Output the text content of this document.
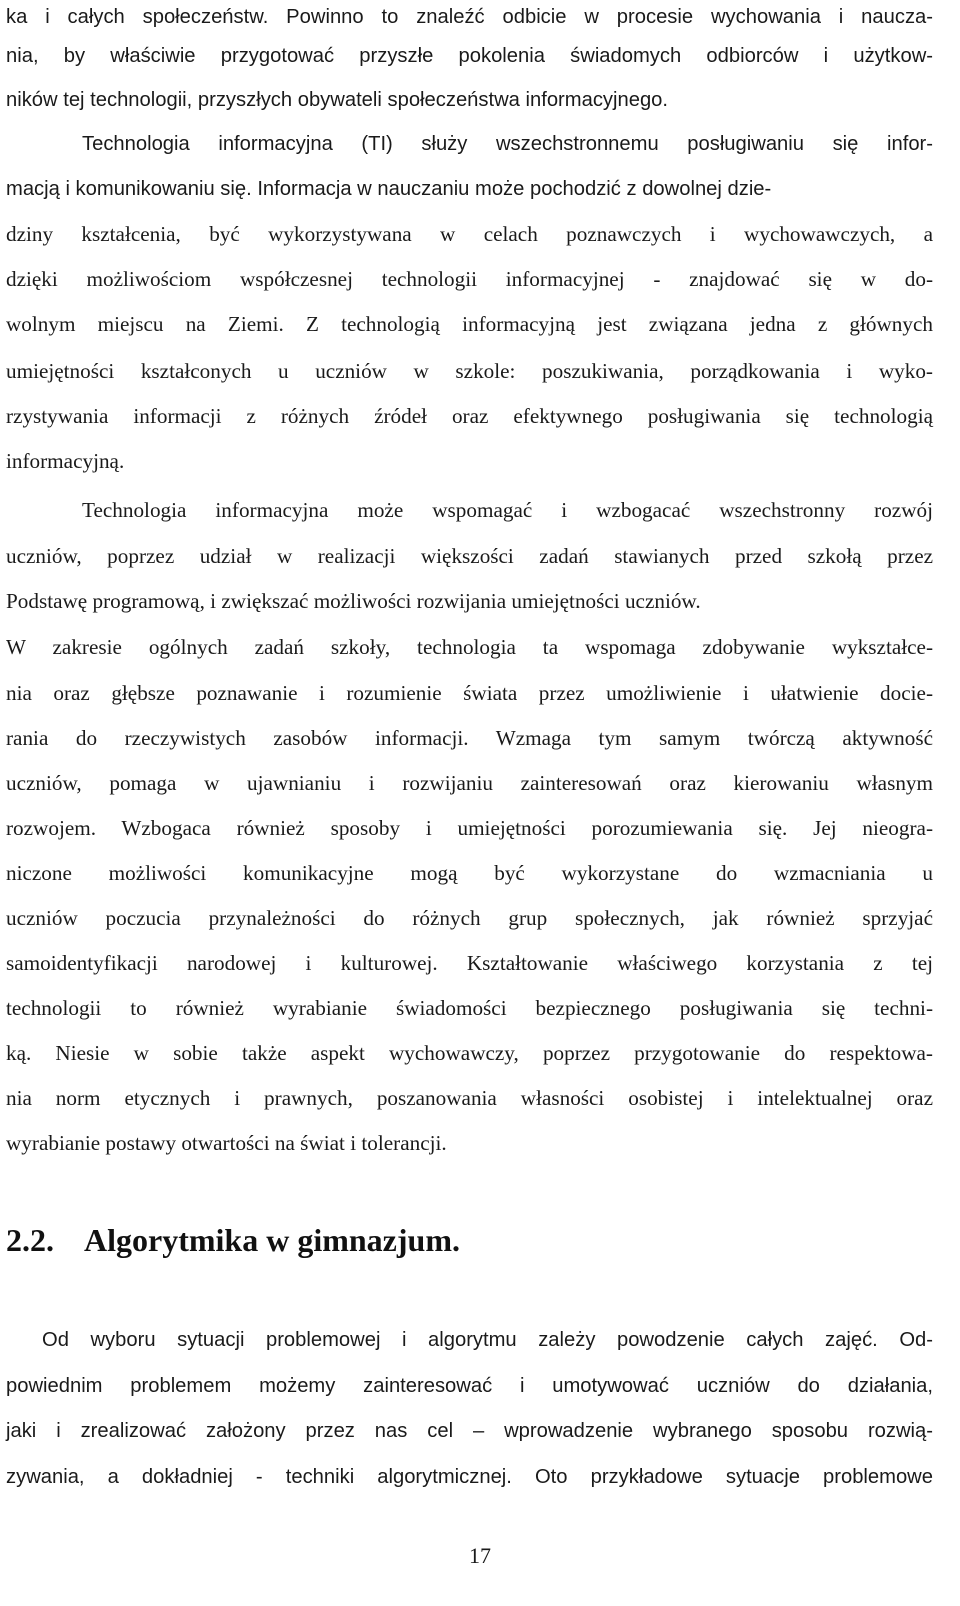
ka i całych społeczeństw. Powinno to znaleźć odbicie w procesie wychowania i naucza-
nia, by właściwie przygotować przyszłe pokolenia świadomych odbiorców i użytkow-
ników tej technologii, przyszłych obywateli społeczeństwa informacyjnego.
Technologia informacyjna (TI) służy wszechstronnemu posługiwaniu się infor-
macją i komunikowaniu się. Informacja w nauczaniu może pochodzić z dowolnej dzie-
dziny kształcenia, być wykorzystywana w celach poznawczych i wychowawczych, a
dzięki możliwościom współczesnej technologii informacyjnej - znajdować się w do-
wolnym miejscu na Ziemi. Z technologią informacyjną jest związana jedna z głównych
umiejętności kształconych u uczniów w szkole: poszukiwania, porządkowania i wyko-
rzystywania informacji z różnych źródeł oraz efektywnego posługiwania się technologią
informacyjną.
Technologia informacyjna może wspomagać i wzbogacać wszechstronny rozwój
uczniów, poprzez udział w realizacji większości zadań stawianych przed szkołą przez
Podstawę programową, i zwiększać możliwości rozwijania umiejętności uczniów.
W zakresie ogólnych zadań szkoły, technologia ta wspomaga zdobywanie wykształce-
nia oraz głębsze poznawanie i rozumienie świata przez umożliwienie i ułatwienie docie-
rania do rzeczywistych zasobów informacji. Wzmaga tym samym twórczą aktywność
uczniów, pomaga w ujawnianiu i rozwijaniu zainteresowań oraz kierowaniu własnym
rozwojem. Wzbogaca również sposoby i umiejętności porozumiewania się. Jej nieogra-
niczone możliwości komunikacyjne mogą być wykorzystane do wzmacniania u
uczniów poczucia przynależności do różnych grup społecznych, jak również sprzyjać
samoidentyfikacji narodowej i kulturowej. Kształtowanie właściwego korzystania z tej
technologii to również wyrabianie świadomości bezpiecznego posługiwania się techni-
ką. Niesie w sobie także aspekt wychowawczy, poprzez przygotowanie do respektowa-
nia norm etycznych i prawnych, poszanowania własności osobistej i intelektualnej oraz
wyrabianie postawy otwartości na świat i tolerancji.
2.2. Algorytmika w gimnazjum.
Od wyboru sytuacji problemowej i algorytmu zależy powodzenie całych zajęć. Od-
powiednim problemem możemy zainteresować i umotywować uczniów do działania,
jaki i zrealizować założony przez nas cel – wprowadzenie wybranego sposobu rozwią-
zywania, a dokładniej - techniki algorytmicznej. Oto przykładowe sytuacje problemowe
17
